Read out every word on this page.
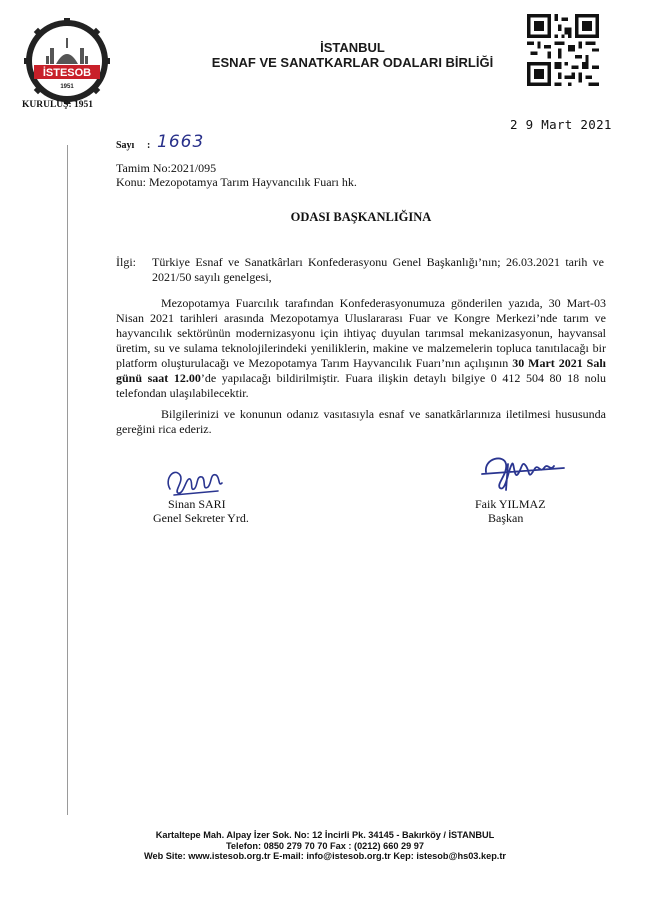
İSTESOB
1951
KURULUŞ: 1951
İSTANBUL
ESNAF VE SANATKARLAR ODALARI BİRLİĞİ
2 9 Mart 2021
Sayı : 1663
Tamim No:2021/095
Konu: Mezopotamya Tarım Hayvancılık Fuarı hk.
ODASI BAŞKANLIĞINA
İlgi: Türkiye Esnaf ve Sanatkârları Konfederasyonu Genel Başkanlığı’nın; 26.03.2021 tarih ve 2021/50 sayılı genelgesi,
Mezopotamya Fuarcılık tarafından Konfederasyonumuza gönderilen yazıda, 30 Mart-03 Nisan 2021 tarihleri arasında Mezopotamya Uluslararası Fuar ve Kongre Merkezi’nde tarım ve hayvancılık sektörünün modernizasyonu için ihtiyaç duyulan tarımsal mekanizasyonun, hayvansal üretim, su ve sulama teknolojilerindeki yeniliklerin, makine ve malzemelerin topluca tanıtılacağı bir platform oluşturulacağı ve Mezopotamya Tarım Hayvancılık Fuarı’nın açılışının 30 Mart 2021 Salı günü saat 12.00’de yapılacağı bildirilmiştir. Fuara ilişkin detaylı bilgiye 0 412 504 80 18 nolu telefondan ulaşılabilecektir.
Bilgilerinizi ve konunun odanız vasıtasıyla esnaf ve sanatkârlarınıza iletilmesi hususunda gereğini rica ederiz.
Sinan SARI
Genel Sekreter Yrd.
Faik YILMAZ
Başkan
Kartaltepe Mah. Alpay İzer Sok. No: 12 İncirli Pk. 34145 - Bakırköy / İSTANBUL
Telefon: 0850 279 70 70 Fax : (0212) 660 29 97
Web Site: www.istesob.org.tr E-mail: info@istesob.org.tr Kep: istesob@hs03.kep.tr
